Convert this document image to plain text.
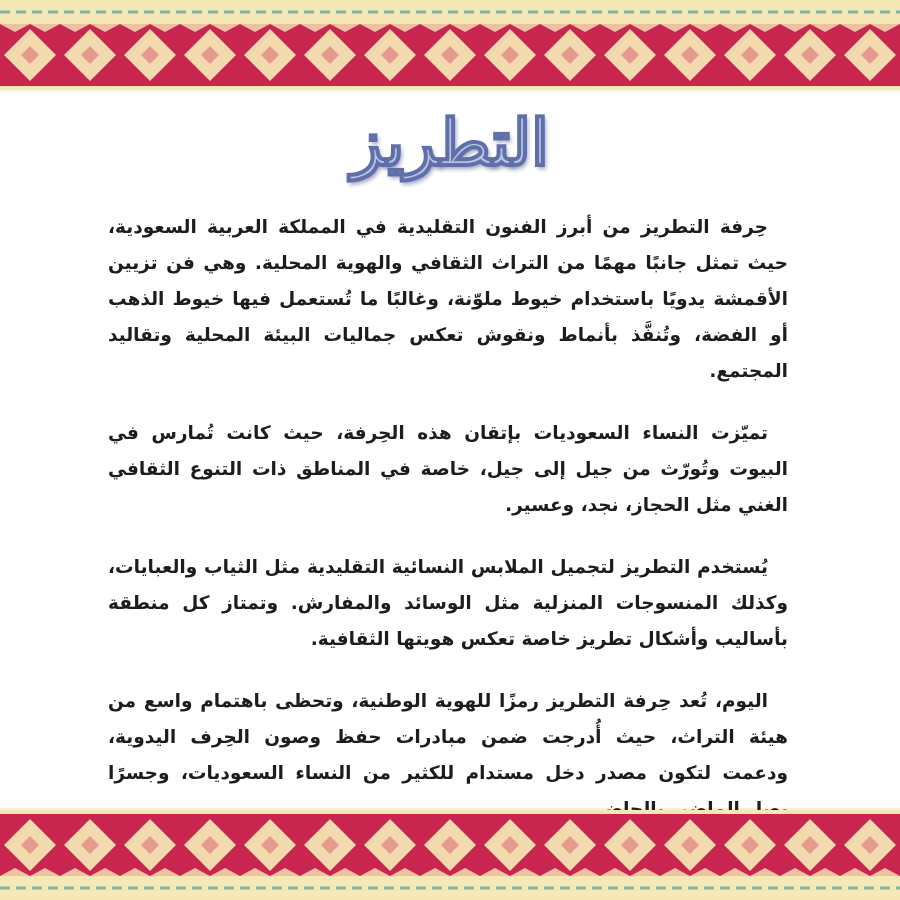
التطريز

حِرفة التطريز من أبرز الفنون التقليدية في المملكة العربية السعودية، حيث تمثل جانبًا مهمًا من التراث الثقافي والهوية المحلية. وهي فن تزيين الأقمشة يدويًا باستخدام خيوط ملوّنة، وغالبًا ما تُستعمل فيها خيوط الذهب أو الفضة، وتُنفَّذ بأنماط ونقوش تعكس جماليات البيئة المحلية وتقاليد المجتمع.

تميّزت النساء السعوديات بإتقان هذه الحِرفة، حيث كانت تُمارس في البيوت وتُورّث من جيل إلى جيل، خاصة في المناطق ذات التنوع الثقافي الغني مثل الحجاز، نجد، وعسير.

يُستخدم التطريز لتجميل الملابس النسائية التقليدية مثل الثياب والعبايات، وكذلك المنسوجات المنزلية مثل الوسائد والمفارش. وتمتاز كل منطقة بأساليب وأشكال تطريز خاصة تعكس هويتها الثقافية.

اليوم، تُعد حِرفة التطريز رمزًا للهوية الوطنية، وتحظى باهتمام واسع من هيئة التراث، حيث أُدرجت ضمن مبادرات حفظ وصون الحِرف اليدوية، ودعمت لتكون مصدر دخل مستدام للكثير من النساء السعوديات، وجسرًا
